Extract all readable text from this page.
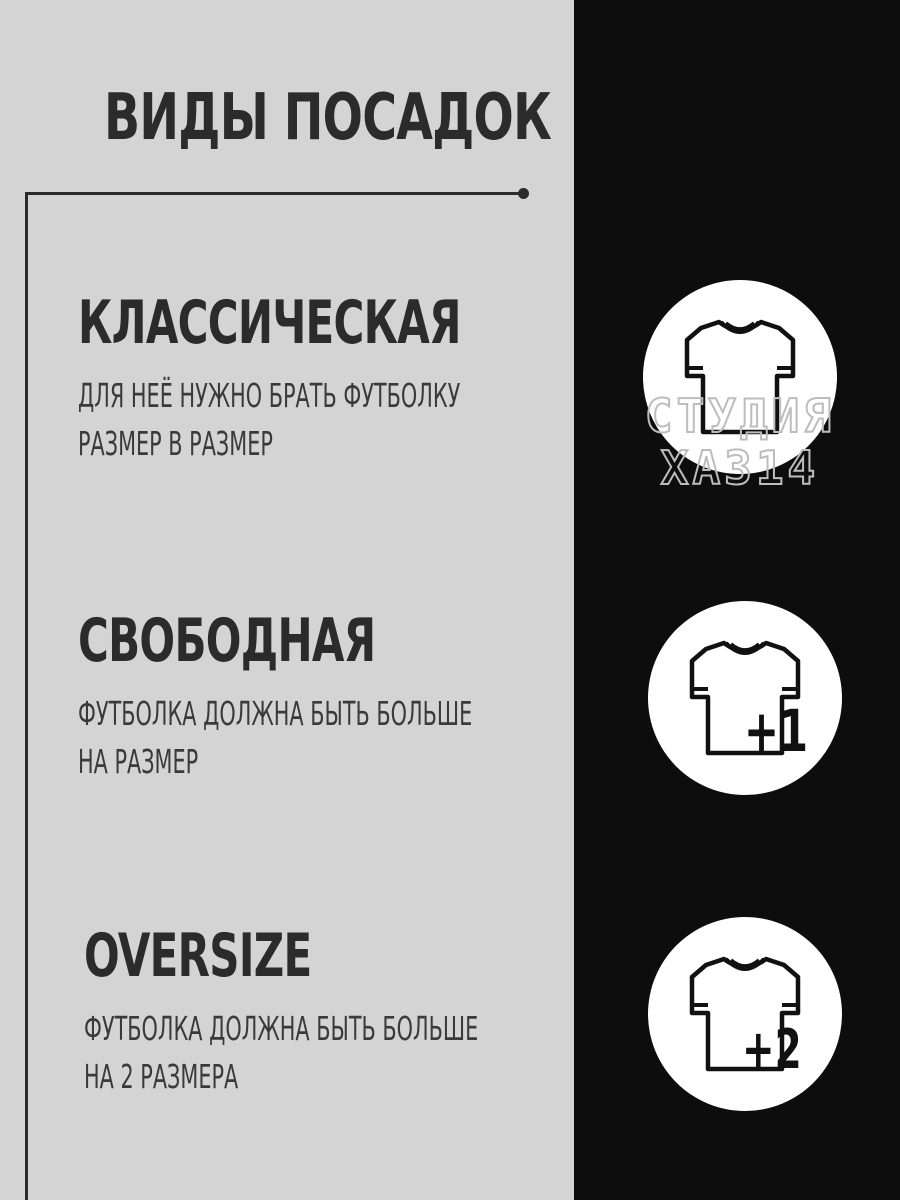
ВИДЫ ПОСАДОК
КЛАССИЧЕСКАЯ

ДЛЯ НЕЁ НУЖНО БРАТЬ ФУТБОЛКУ
РАЗМЕР В РАЗМЕР

СВОБОДНАЯ

ФУТБОЛКА ДОЛЖНА БЫТЬ БОЛЬШЕ
НА РАЗМЕР

OVERSIZE

ФУТБОЛКА ДОЛЖНА БЫТЬ БОЛЬШЕ
НА 2 РАЗМЕРА

+1
+2
СТУДИЯ
ХА314
